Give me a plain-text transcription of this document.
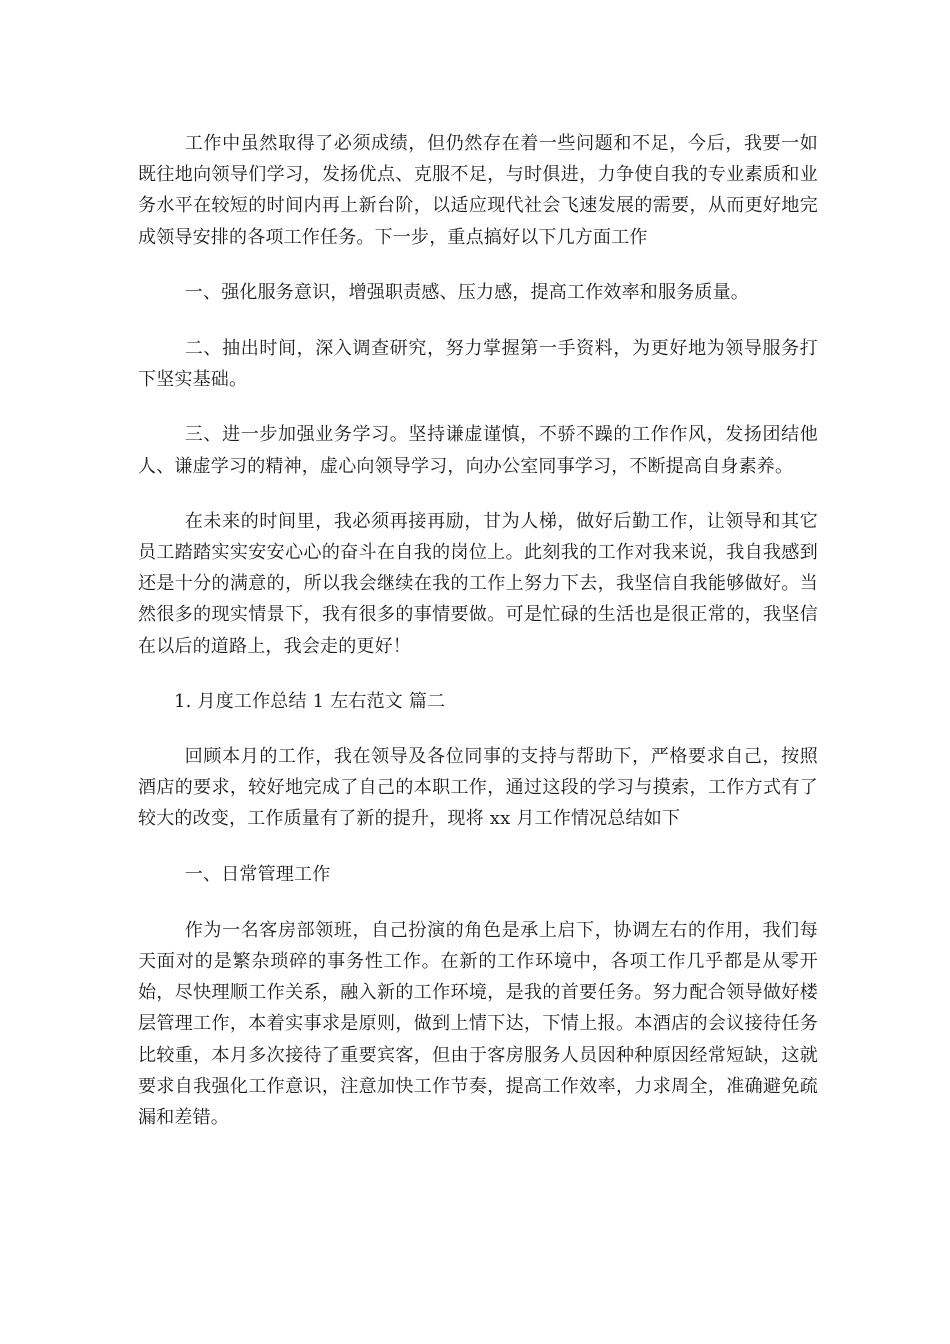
工作中虽然取得了必须成绩，但仍然存在着一些问题和不足，今后，我要一如既往地向领导们学习，发扬优点、克服不足，与时俱进，力争使自我的专业素质和业务水平在较短的时间内再上新台阶，以适应现代社会飞速发展的需要，从而更好地完成领导安排的各项工作任务。下一步，重点搞好以下几方面工作

一、强化服务意识，增强职责感、压力感，提高工作效率和服务质量。

二、抽出时间，深入调查研究，努力掌握第一手资料，为更好地为领导服务打下坚实基础。

三、进一步加强业务学习。坚持谦虚谨慎，不骄不躁的工作作风，发扬团结他人、谦虚学习的精神，虚心向领导学习，向办公室同事学习，不断提高自身素养。

在未来的时间里，我必须再接再励，甘为人梯，做好后勤工作，让领导和其它员工踏踏实实安安心心的奋斗在自我的岗位上。此刻我的工作对我来说，我自我感到还是十分的满意的，所以我会继续在我的工作上努力下去，我坚信自我能够做好。当然很多的现实情景下，我有很多的事情要做。可是忙碌的生活也是很正常的，我坚信在以后的道路上，我会走的更好！

1. 月度工作总结 1 左右范文 篇二

回顾本月的工作，我在领导及各位同事的支持与帮助下，严格要求自己，按照酒店的要求，较好地完成了自己的本职工作，通过这段的学习与摸索，工作方式有了较大的改变，工作质量有了新的提升，现将 xx 月工作情况总结如下

一、日常管理工作

作为一名客房部领班，自己扮演的角色是承上启下，协调左右的作用，我们每天面对的是繁杂琐碎的事务性工作。在新的工作环境中，各项工作几乎都是从零开始，尽快理顺工作关系，融入新的工作环境，是我的首要任务。努力配合领导做好楼层管理工作，本着实事求是原则，做到上情下达，下情上报。本酒店的会议接待任务比较重，本月多次接待了重要宾客，但由于客房服务人员因种种原因经常短缺，这就要求自我强化工作意识，注意加快工作节奏，提高工作效率，力求周全，准确避免疏漏和差错。
